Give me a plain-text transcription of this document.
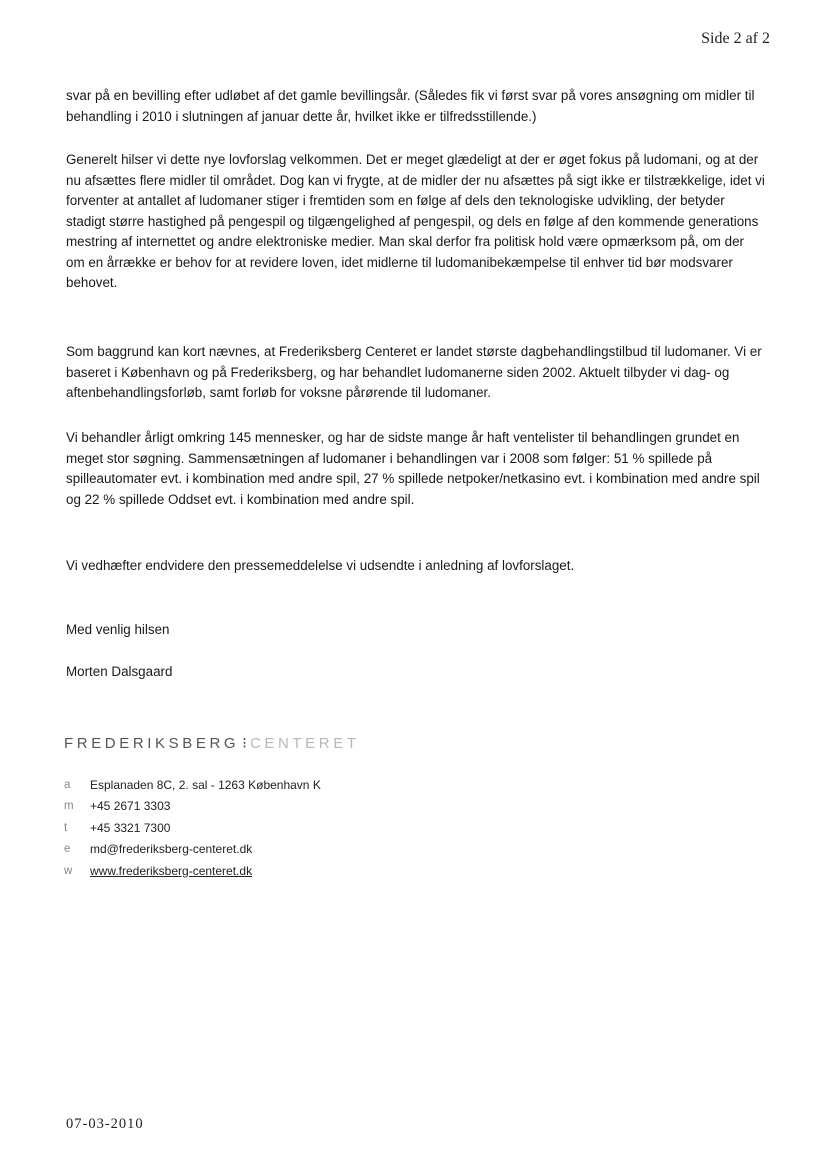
Side 2 af 2

svar på en bevilling efter udløbet af det gamle bevillingsår. (Således fik vi først svar på vores ansøgning om midler til behandling i 2010 i slutningen af januar dette år, hvilket ikke er tilfredsstillende.)

Generelt hilser vi dette nye lovforslag velkommen. Det er meget glædeligt at der er øget fokus på ludomani, og at der nu afsættes flere midler til området. Dog kan vi frygte, at de midler der nu afsættes på sigt ikke er tilstrækkelige, idet vi forventer at antallet af ludomaner stiger i fremtiden som en følge af dels den teknologiske udvikling, der betyder stadigt større hastighed på pengespil og tilgængelighed af pengespil, og dels en følge af den kommende generations mestring af internettet og andre elektroniske medier. Man skal derfor fra politisk hold være opmærksom på, om der om en årrække er behov for at revidere loven, idet midlerne til ludomanibekæmpelse til enhver tid bør modsvarer behovet.

Som baggrund kan kort nævnes, at Frederiksberg Centeret er landet største dagbehandlingstilbud til ludomaner. Vi er baseret i København og på Frederiksberg, og har behandlet ludomanerne siden 2002. Aktuelt tilbyder vi dag- og aftenbehandlingsforløb, samt forløb for voksne pårørende til ludomaner.

Vi behandler årligt omkring 145 mennesker, og har de sidste mange år haft ventelister til behandlingen grundet en meget stor søgning. Sammensætningen af ludomaner i behandlingen var i 2008 som følger: 51 % spillede på spilleautomater evt. i kombination med andre spil, 27 % spillede netpoker/netkasino evt. i kombination med andre spil og 22 % spillede Oddset evt. i kombination med andre spil.

Vi vedhæfter endvidere den pressemeddelelse vi udsendte i anledning af lovforslaget.

Med venlig hilsen

Morten Dalsgaard

FREDERIKSBERG ⁝ CENTERET
a	Esplanaden 8C, 2. sal - 1263 København K
m	+45 2671 3303
t	+45 3321 7300
e	md@frederiksberg-centeret.dk
w	www.frederiksberg-centeret.dk
07-03-2010
